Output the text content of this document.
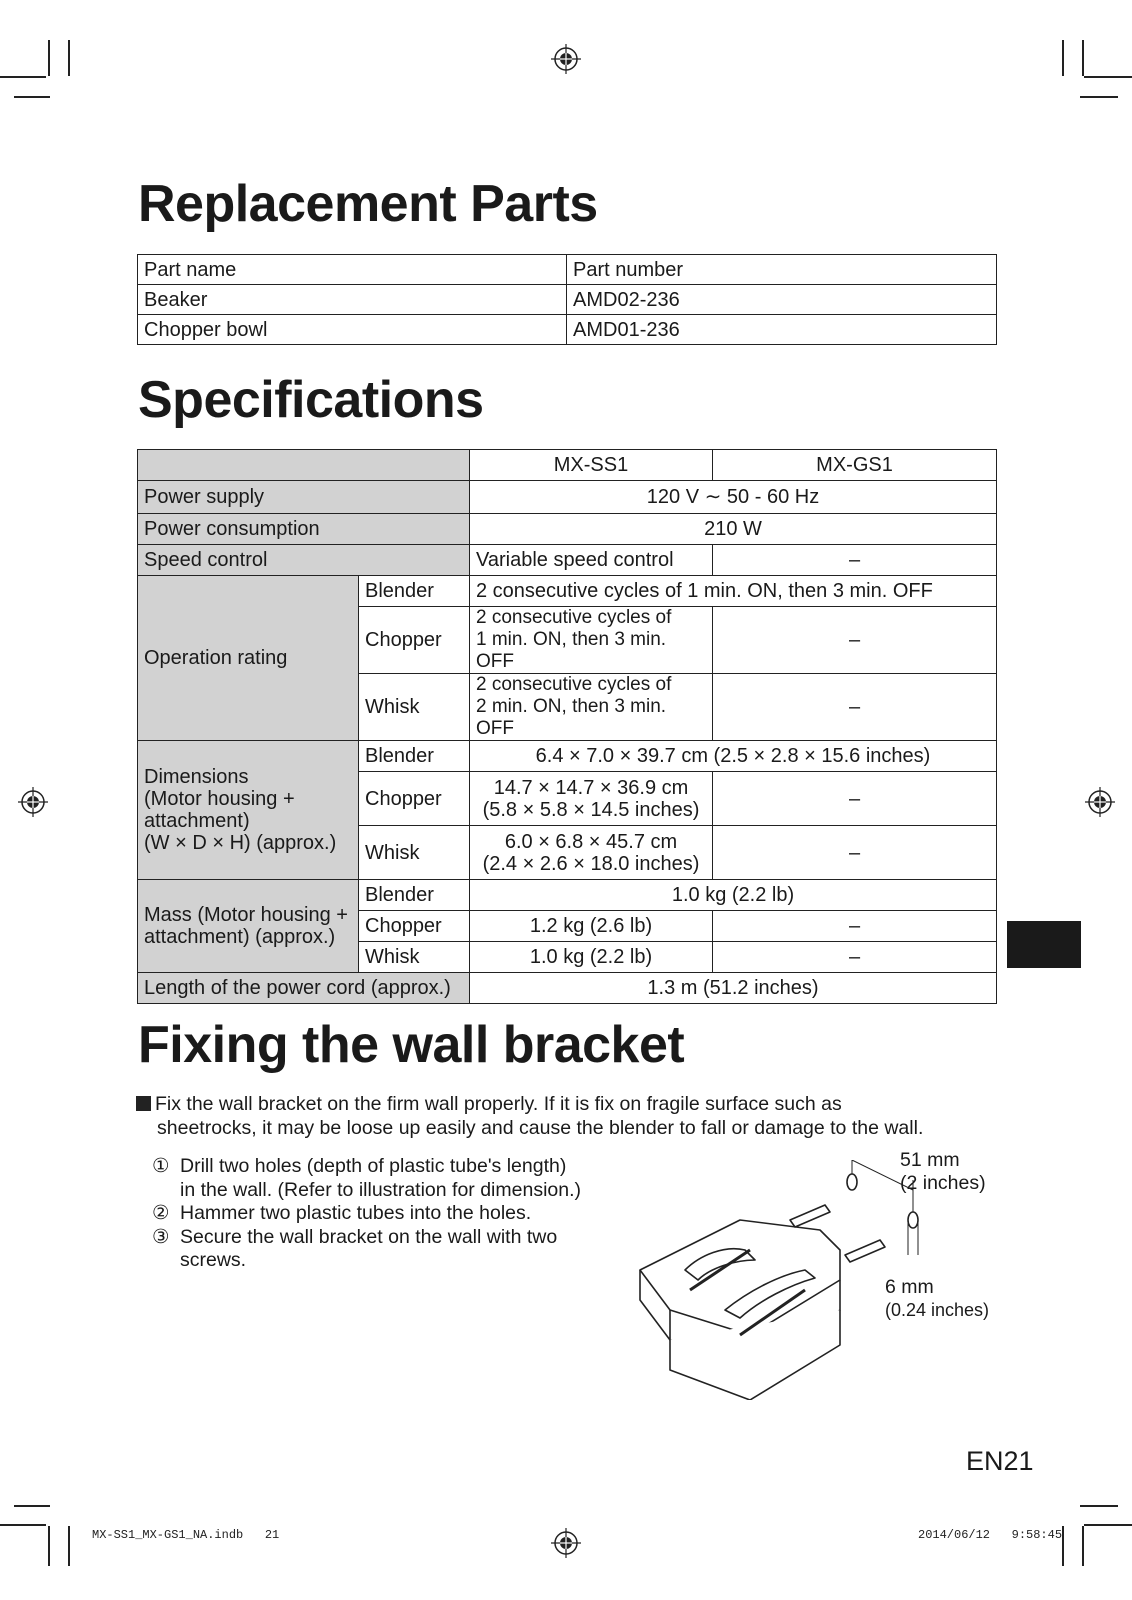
Replacement Parts
Part name	Part number
Beaker	AMD02-236
Chopper bowl	AMD01-236
Specifications
		MX-SS1	MX-GS1
Power supply		120 V ∼ 50 - 60 Hz	
Power consumption		210 W	
Speed control		Variable speed control	–
Operation rating	Blender	2 consecutive cycles of 1 min. ON, then 3 min. OFF	
	Chopper	2 consecutive cycles of
1 min. ON, then 3 min. OFF	–
	Whisk	2 consecutive cycles of
2 min. ON, then 3 min. OFF	–

Dimensions
(Motor housing +
attachment)
(W × D × H) (approx.)	Blender	6.4 × 7.0 × 39.7 cm (2.5 × 2.8 × 15.6 inches)	
	Chopper	14.7 × 14.7 × 36.9 cm
(5.8 × 5.8 × 14.5 inches)	–
	Whisk	6.0 × 6.8 × 45.7 cm
(2.4 × 2.6 × 18.0 inches)	–

Mass (Motor housing +
attachment) (approx.)	Blender	1.0 kg (2.2 lb)	
	Chopper	1.2 kg (2.6 lb)	–
	Whisk	1.0 kg (2.2 lb)	–
Length of the power cord (approx.)		1.3 m (51.2 inches)	
Fixing the wall bracket
Fix the wall bracket on the firm wall properly. If it is fix on fragile surface such as
sheetrocks, it may be loose up easily and cause the blender to fall or damage to the wall.
① Drill two holes (depth of plastic tube's length)
in the wall. (Refer to illustration for dimension.)
② Hammer two plastic tubes into the holes.
③ Secure the wall bracket on the wall with two
screws.
51 mm
(2 inches)
6 mm
(0.24 inches)
EN21
MX-SS1_MX-GS1_NA.indb   21	2014/06/12   9:58:45
